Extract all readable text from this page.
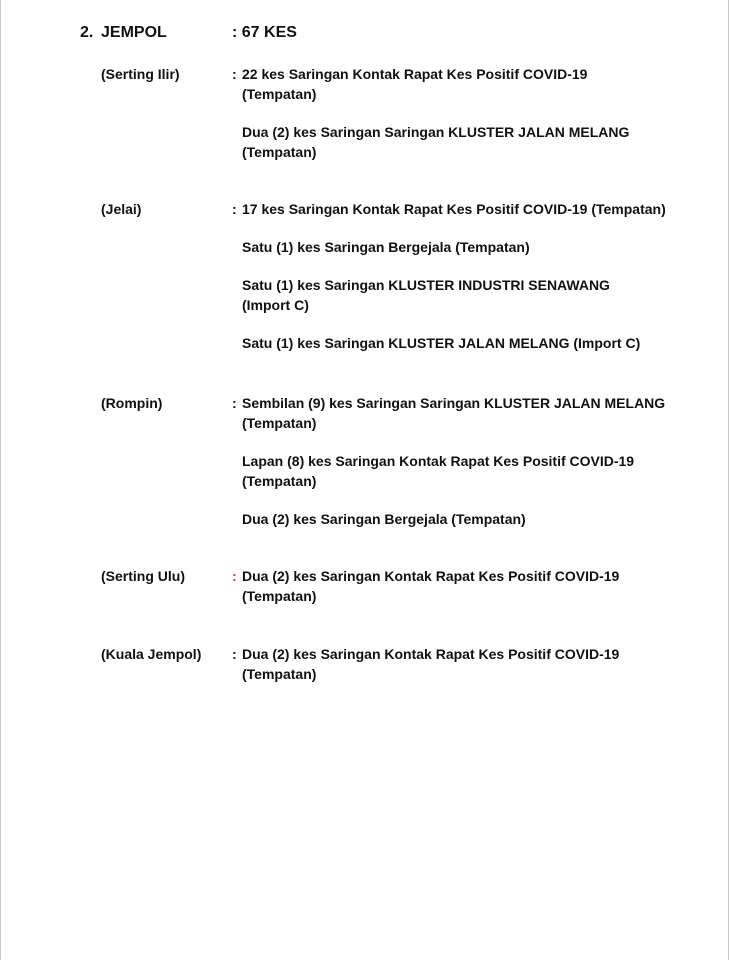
2. JEMPOL	: 67 KES
(Serting Ilir)	: 22 kes Saringan Kontak Rapat Kes Positif COVID-19
(Tempatan)
Dua (2) kes Saringan Saringan KLUSTER JALAN MELANG
(Tempatan)
(Jelai)	: 17 kes Saringan Kontak Rapat Kes Positif COVID-19 (Tempatan)
Satu (1) kes Saringan Bergejala (Tempatan)
Satu (1) kes Saringan KLUSTER INDUSTRI SENAWANG
(Import C)
Satu (1) kes Saringan KLUSTER JALAN MELANG (Import C)
(Rompin)	: Sembilan (9) kes Saringan Saringan KLUSTER JALAN MELANG
(Tempatan)
Lapan (8) kes Saringan Kontak Rapat Kes Positif COVID-19
(Tempatan)
Dua (2) kes Saringan Bergejala (Tempatan)
(Serting Ulu)	: Dua (2) kes Saringan Kontak Rapat Kes Positif COVID-19
(Tempatan)
(Kuala Jempol) : Dua (2) kes Saringan Kontak Rapat Kes Positif COVID-19
(Tempatan)
